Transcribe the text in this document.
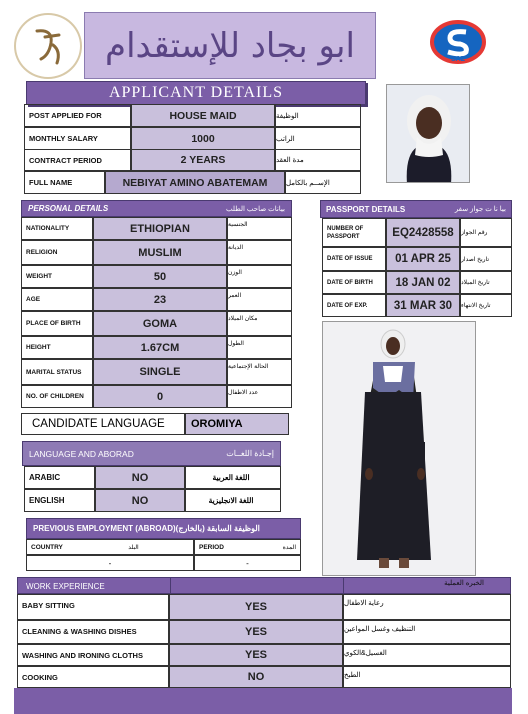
ابو بجاد للإستقدام	SAZ
APPLICANT DETAILS
POST APPLIED FOR	HOUSE MAID	الوظيفة
MONTHLY SALARY	1000	الراتب
CONTRACT PERIOD	2 YEARS	مدة العقد
FULL NAME	NEBIYAT AMINO ABATEMAM	الإســم بالكامل
PERSONAL DETAILS	بيانات صاحب الطلب
NATIONALITY	ETHIOPIAN	الجنسية
RELIGION	MUSLIM	الديانة
WEIGHT	50	الوزن
AGE	23	العمر
PLACE OF BIRTH	GOMA	مكان الميلاد
HEIGHT	1.67CM	الطول
MARITAL STATUS	SINGLE	الحالة الإجتماعية
NO. OF CHILDREN	0	عدد الاطفال
PASSPORT DETAILS	بيا نا ت جواز سفر
NUMBER OF PASSPORT	EQ2428558	رقم الجواز
DATE OF ISSUE	01 APR 25	تاريخ اصدار
DATE OF BIRTH	18 JAN 02	تاريخ الميلاد
DATE OF EXP.	31 MAR 30	تاريخ الانتهاء
CANDIDATE LANGUAGE	OROMIYA
LANGUAGE AND ABORAD	إجـادة اللغــات
ARABIC	NO	اللغة العربية
ENGLISH	NO	اللغة الانجليزية
PREVIOUS EMPLOYMENT (ABROAD)(الوظيفة السابقة (بالخارج
COUNTRY	البلد	PERIOD	المدة
-	-
WORK EXPERIENCE	الخبره العملية
BABY SITTING	YES	رعاية الاطفال
CLEANING & WASHING DISHES	YES	التنظيف وغسل المواعين
WASHING AND IRONING CLOTHS	YES	الغسيل&الكوي
COOKING	NO	الطبخ
